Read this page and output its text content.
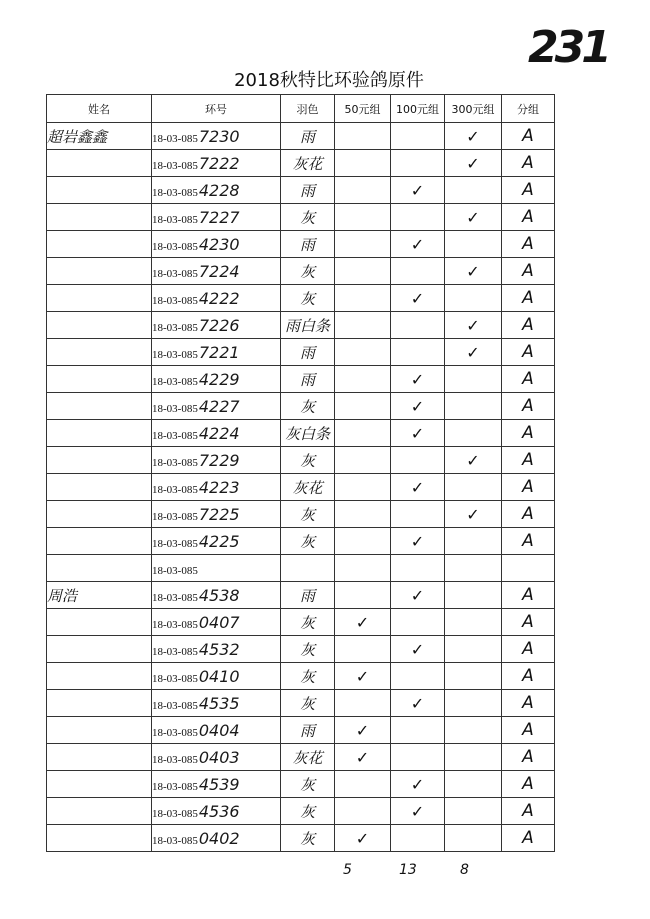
231
2018秋特比环验鸽原件
姓名	环号	羽色	50元组	100元组	300元组	分组
超岩鑫鑫	18-03-0857230	雨			✓	A
	18-03-0857222	灰花			✓	A
	18-03-0854228	雨		✓		A
	18-03-0857227	灰			✓	A
	18-03-0854230	雨		✓		A
	18-03-0857224	灰			✓	A
	18-03-0854222	灰		✓		A
	18-03-0857226	雨白条			✓	A
	18-03-0857221	雨			✓	A
	18-03-0854229	雨		✓		A
	18-03-0854227	灰		✓		A
	18-03-0854224	灰白条		✓		A
	18-03-0857229	灰			✓	A
	18-03-0854223	灰花		✓		A
	18-03-0857225	灰			✓	A
	18-03-0854225	灰		✓		A
	18-03-085					
周浩	18-03-0854538	雨		✓		A
	18-03-0850407	灰	✓			A
	18-03-0854532	灰		✓		A
	18-03-0850410	灰	✓			A
	18-03-0854535	灰		✓		A
	18-03-0850404	雨	✓			A
	18-03-0850403	灰花	✓			A
	18-03-0854539	灰		✓		A
	18-03-0854536	灰		✓		A
	18-03-0850402	灰	✓			A
5	13	8
